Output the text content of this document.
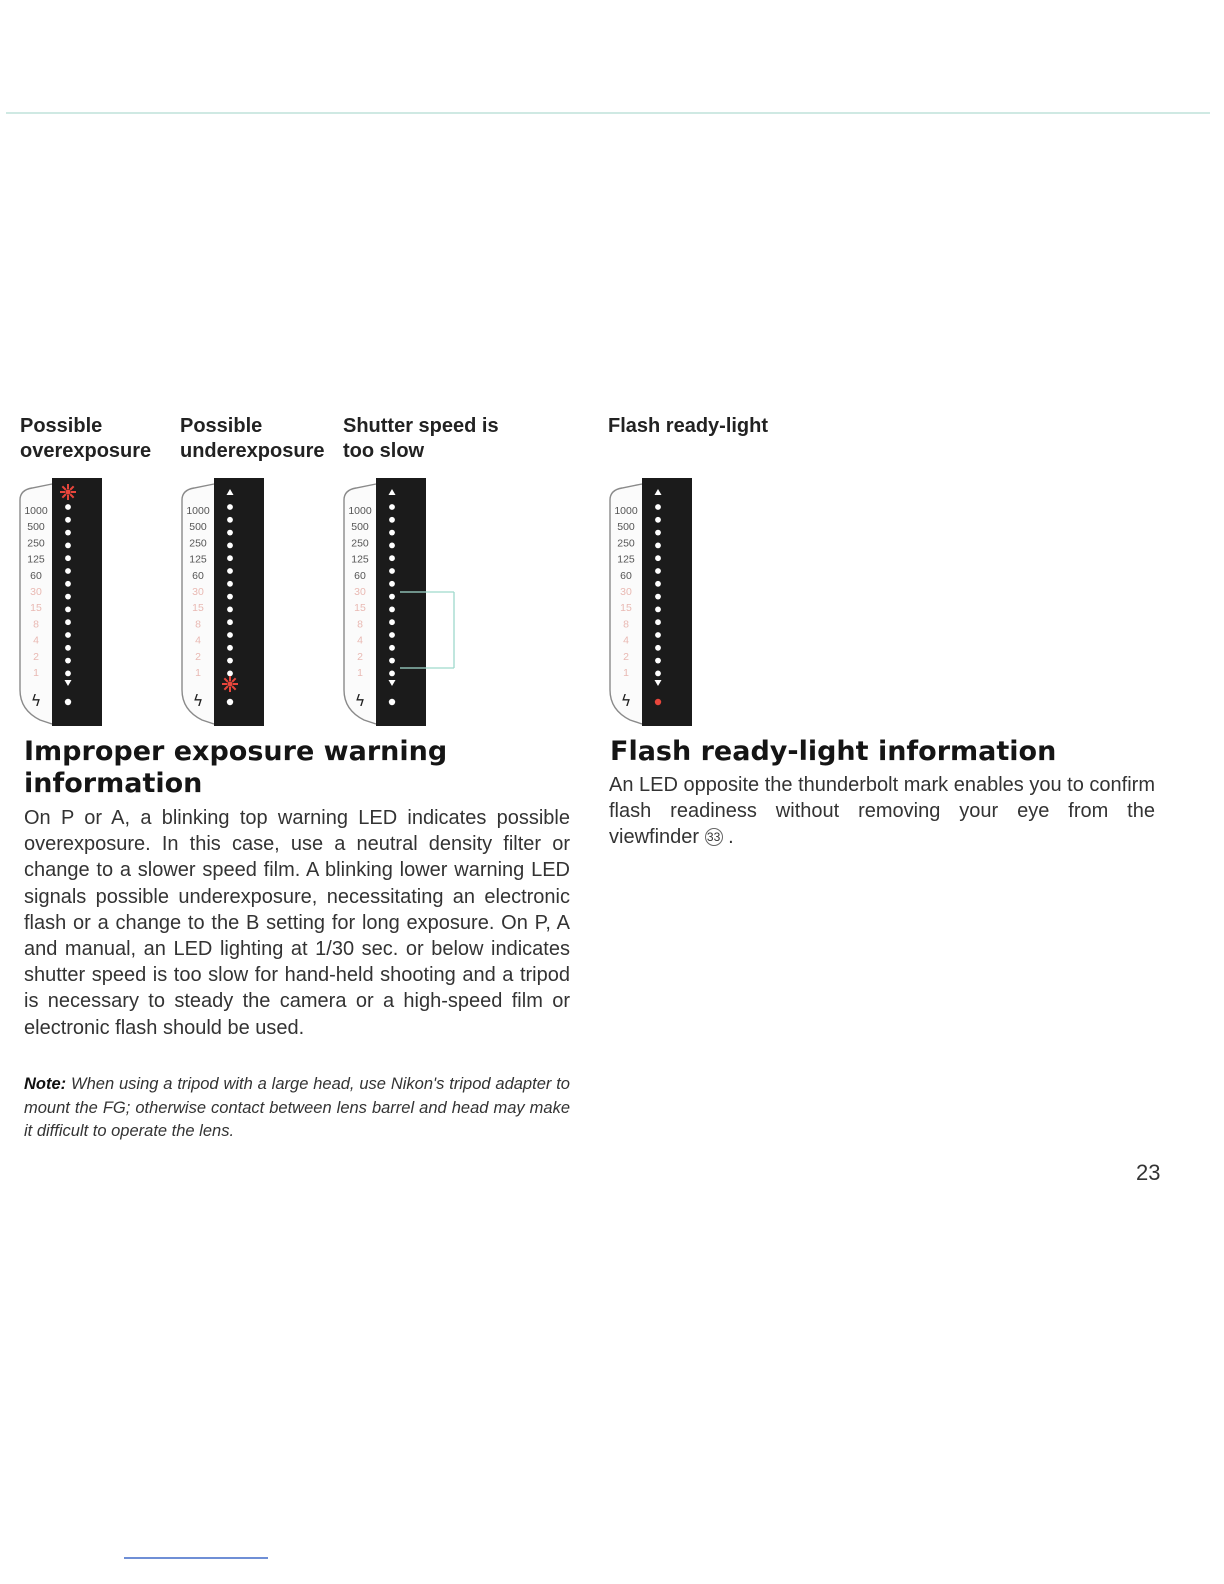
Possible
overexposure
Possible
underexposure
Shutter speed is
too slow
Flash ready-light
1000
500
250
125
60
30
15
8
4
2
1
ϟ
1000
500
250
125
60
30
15
8
4
2
1
ϟ
1000
500
250
125
60
30
15
8
4
2
1
ϟ
1000
500
250
125
60
30
15
8
4
2
1
ϟ
Improper exposure warning information

On P or A, a blinking top warning LED indicates possible overexposure. In this case, use a neutral density filter or change to a slower speed film. A blinking lower warning LED signals possible underexposure, necessitating an electronic flash or a change to the B setting for long exposure. On P, A and manual, an LED lighting at 1/30 sec. or below indicates shutter speed is too slow for hand-held shooting and a tripod is necessary to steady the camera or a high-speed film or electronic flash should be used.

Note: When using a tripod with a large head, use Nikon's tripod adapter to mount the FG; otherwise contact between lens barrel and head may make it difficult to operate the lens.

Flash ready-light information

An LED opposite the thunderbolt mark enables you to confirm flash readiness without removing your eye from the viewfinder 33 .

23
